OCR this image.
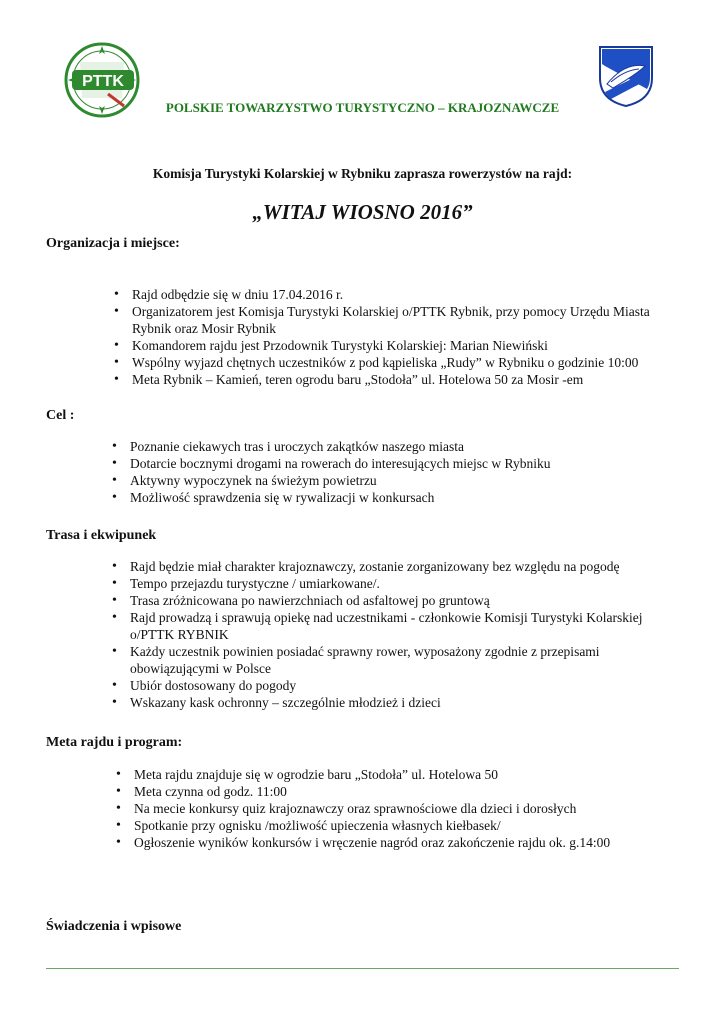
PTTK
POLSKIE TOWARZYSTWO TURYSTYCZNO – KRAJOZNAWCZE
Komisja Turystyki Kolarskiej w Rybniku zaprasza rowerzystów na rajd:
„WITAJ WIOSNO 2016”
Organizacja i miejsce:
• Rajd odbędzie się w dniu 17.04.2016 r.
• Organizatorem jest Komisja Turystyki Kolarskiej o/PTTK Rybnik, przy pomocy Urzędu Miasta Rybnik oraz Mosir Rybnik
• Komandorem rajdu jest Przodownik Turystyki Kolarskiej: Marian Niewiński
• Wspólny wyjazd chętnych uczestników z pod kąpieliska „Rudy” w Rybniku o godzinie 10:00
• Meta Rybnik – Kamień, teren ogrodu baru „Stodoła” ul. Hotelowa 50 za Mosir -em
Cel :
• Poznanie ciekawych tras i uroczych zakątków naszego miasta
• Dotarcie bocznymi drogami na rowerach do interesujących miejsc w Rybniku
• Aktywny wypoczynek na świeżym powietrzu
• Możliwość sprawdzenia się w rywalizacji w konkursach
Trasa i ekwipunek
• Rajd będzie miał charakter krajoznawczy, zostanie zorganizowany bez względu na pogodę
• Tempo przejazdu turystyczne / umiarkowane/.
• Trasa zróżnicowana po nawierzchniach od asfaltowej po gruntową
• Rajd prowadzą i sprawują opiekę nad uczestnikami - członkowie Komisji Turystyki Kolarskiej o/PTTK RYBNIK
• Każdy uczestnik powinien posiadać sprawny rower, wyposażony zgodnie z przepisami obowiązującymi w Polsce
• Ubiór dostosowany do pogody
• Wskazany kask ochronny – szczególnie młodzież i dzieci
Meta rajdu i program:
• Meta rajdu znajduje się w ogrodzie baru „Stodoła” ul. Hotelowa 50
• Meta czynna od godz. 11:00
• Na mecie konkursy quiz krajoznawczy oraz sprawnościowe dla dzieci i dorosłych
• Spotkanie przy ognisku /możliwość upieczenia własnych kiełbasek/
• Ogłoszenie wyników konkursów i wręczenie nagród oraz zakończenie rajdu ok. g.14:00
Świadczenia i wpisowe
